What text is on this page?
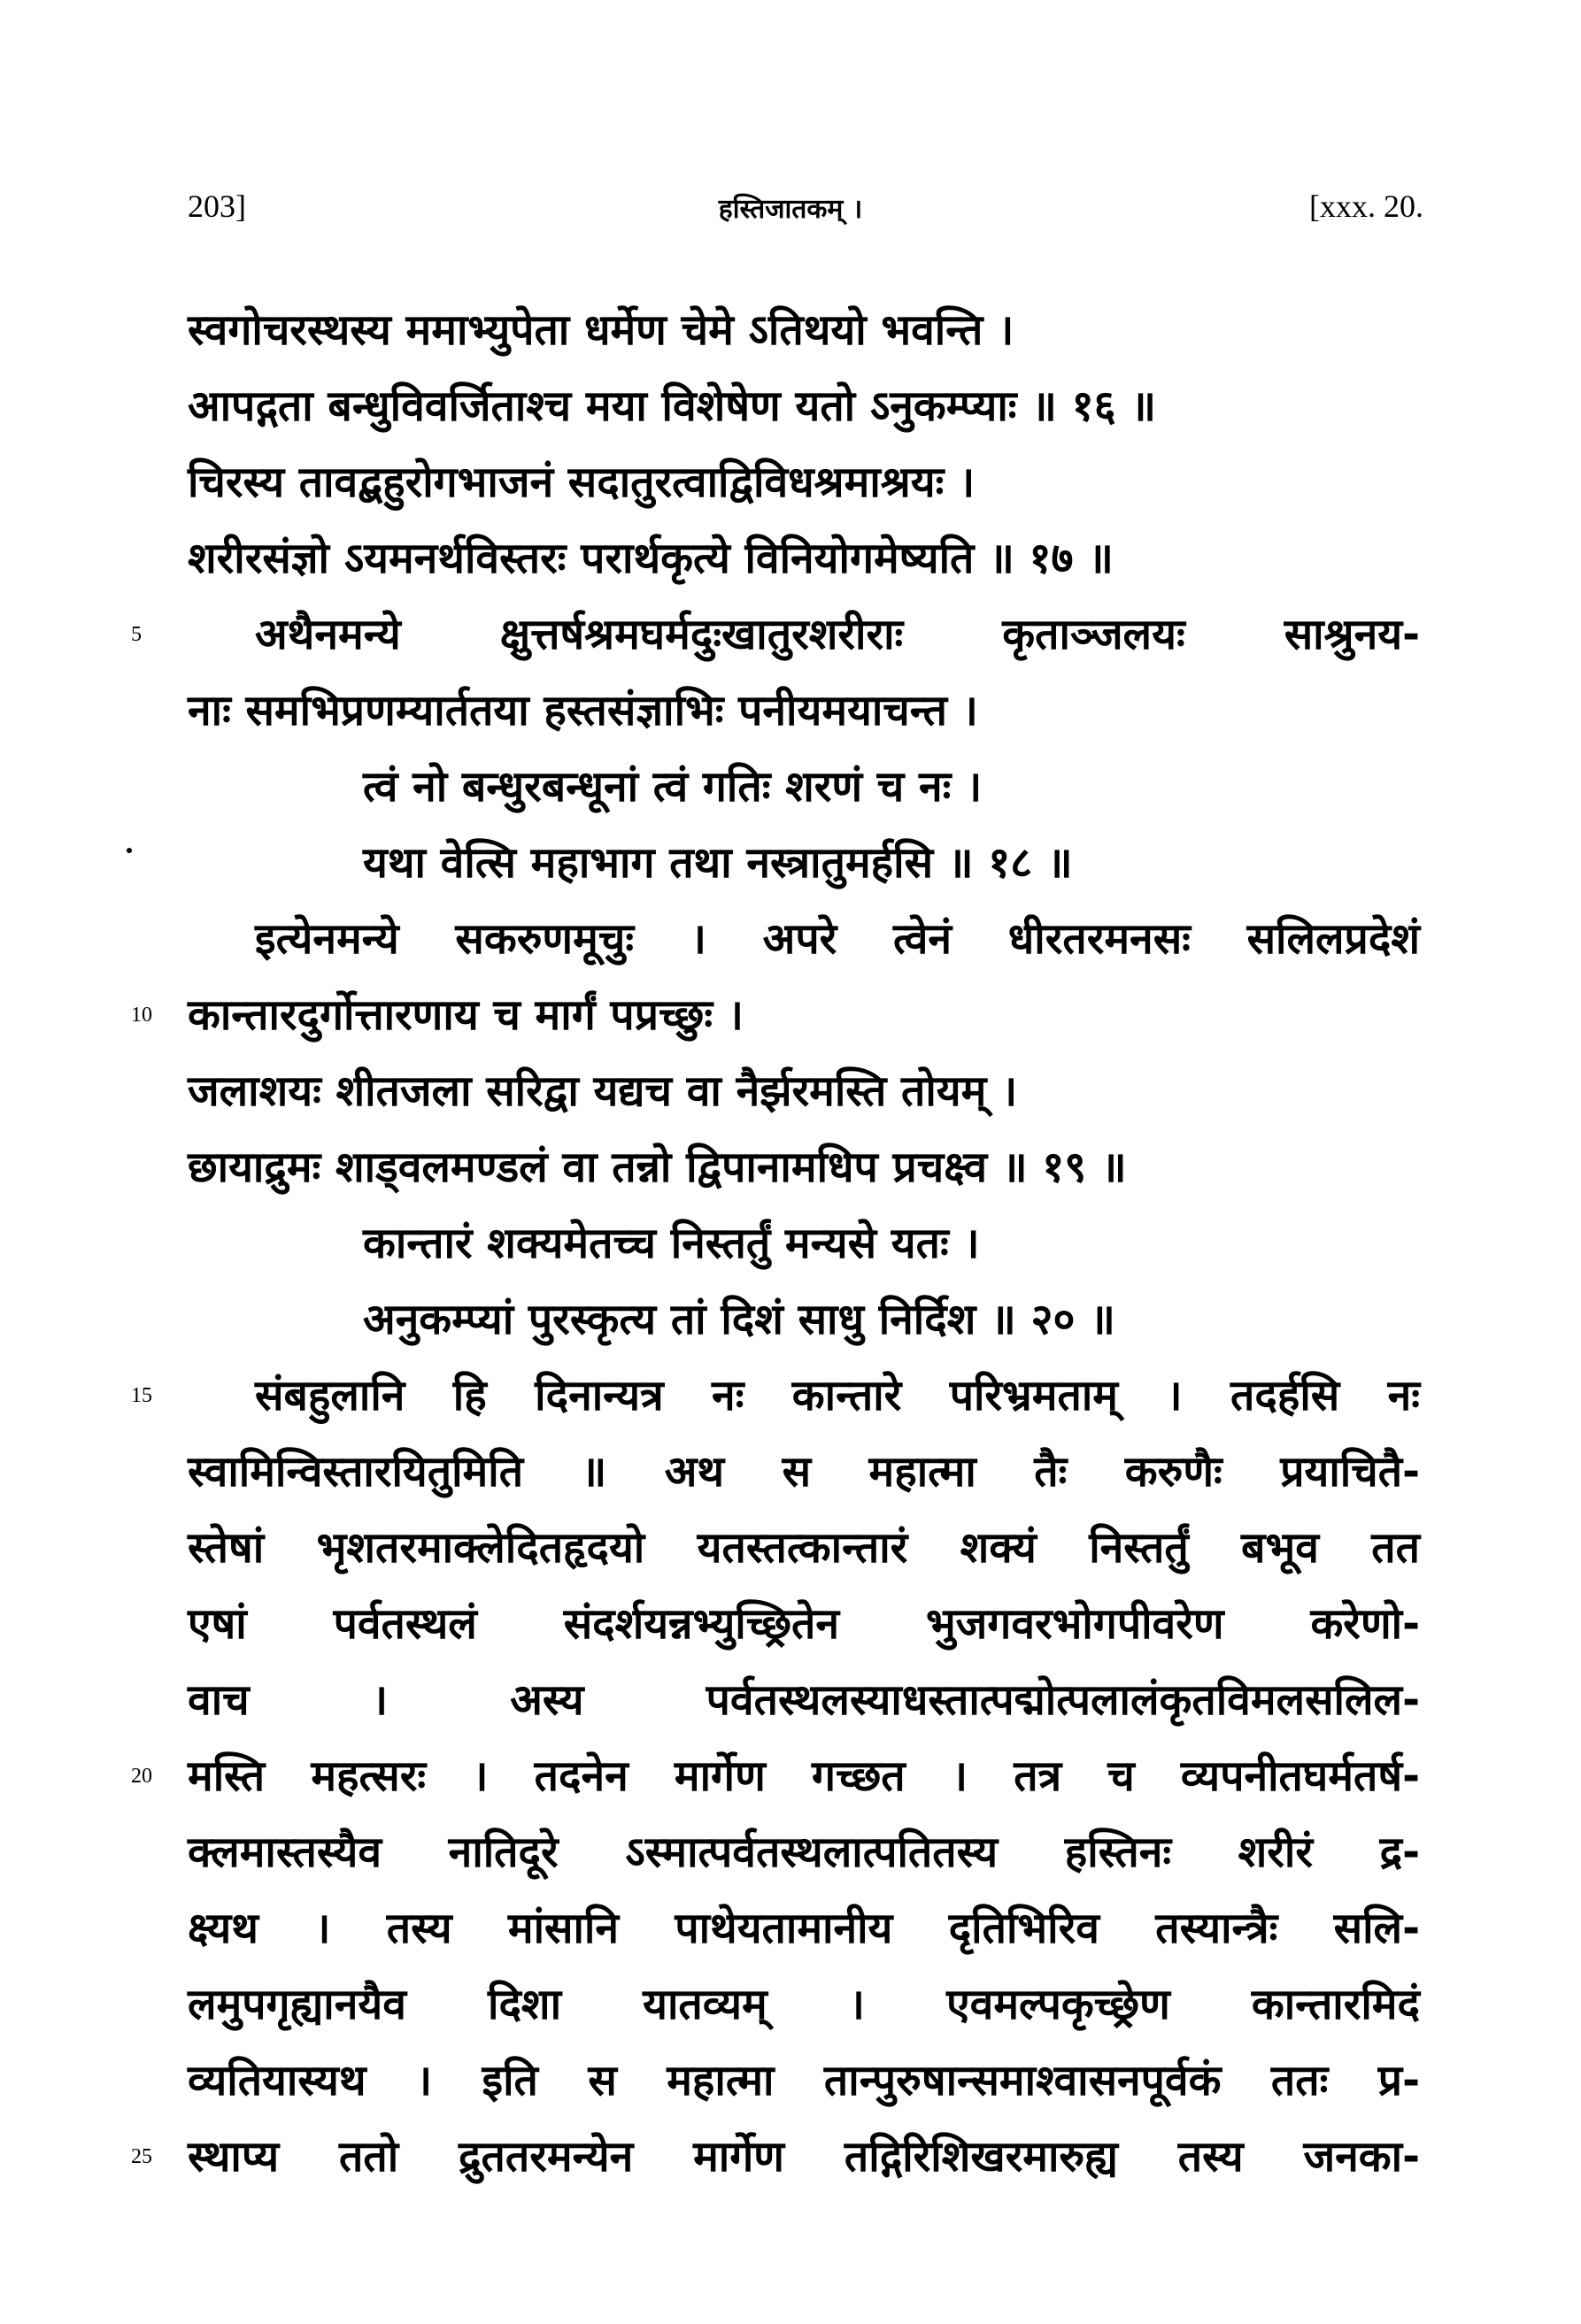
203]	हस्तिजातकम् ।	[xxx. 20.
स्वगोचरस्थस्य ममाभ्युपेता धर्मेण चेमे ऽतिथयो भवन्ति ।
आपद्गता बन्धुविवर्जिताश्च मया विशेषेण यतो ऽनुकम्प्याः ॥ १६ ॥
चिरस्य तावद्बहुरोगभाजनं सदातुरत्वाद्विविधश्रमाश्रयः ।
शरीरसंज्ञो ऽयमनर्थविस्तरः परार्थकृत्ये विनियोगमेष्यति ॥ १७ ॥
5	अथैनमन्ये क्षुत्तर्षश्रमघर्मदुःखातुरशरीराः कृताञ्जलयः साश्रुनय-
नाः समभिप्रणम्यार्ततया हस्तसंज्ञाभिः पनीयमयाचन्त ।
त्वं नो बन्धुरबन्धूनां त्वं गतिः शरणं च नः ।
यथा वेत्सि महाभाग तथा नस्त्रातुमर्हसि ॥ १८ ॥
इत्येनमन्ये सकरुणमूचुः । अपरे त्वेनं धीरतरमनसः सलिलप्रदेशं
10 कान्तारदुर्गोत्तारणाय च मार्गं पप्रच्छुः ।
जलाशयः शीतजला सरिद्वा यद्यच वा नैर्झरमस्ति तोयम् ।
छायाद्रुमः शाड्वलमण्डलं वा तन्नो द्विपानामधिप प्रचक्ष्व ॥ १९ ॥
कान्तारं शक्यमेतच्च निस्तर्तुं मन्यसे यतः ।
अनुकम्प्यां पुरस्कृत्य तां दिशं साधु निर्दिश ॥ २० ॥
15 संबहुलानि हि दिनान्यत्र नः कान्तारे परिभ्रमताम् । तदर्हसि नः
स्वामिन्विस्तारयितुमिति ॥ अथ स महात्मा तैः करुणैः प्रयाचितै-
स्तेषां भृशतरमाक्लेदितहृदयो यतस्तत्कान्तारं शक्यं निस्तर्तुं बभूव तत
एषां पर्वतस्थलं संदर्शयन्नभ्युच्छ्रितेन भुजगवरभोगपीवरेण करेणो-
वाच । अस्य पर्वतस्थलस्याधस्तात्पद्मोत्पलालंकृतविमलसलिल-
20 मस्ति महत्सरः । तदनेन मार्गेण गच्छत । तत्र च व्यपनीतघर्मतर्ष-
क्लमास्तस्यैव नातिदूरे ऽस्मात्पर्वतस्थलात्पतितस्य हस्तिनः शरीरं द्र-
क्ष्यथ । तस्य मांसानि पाथेयतामानीय दृतिभिरिव तस्यान्त्रैः सलि-
लमुपगृह्यानयैव दिशा यातव्यम् । एवमल्पकृच्छ्रेण कान्तारमिदं
व्यतियास्यथ । इति स महात्मा तान्पुरुषान्समाश्वासनपूर्वकं ततः प्र-
25 स्थाप्य ततो द्रुततरमन्येन मार्गेण तद्गिरिशिखरमारुह्य तस्य जनका-
